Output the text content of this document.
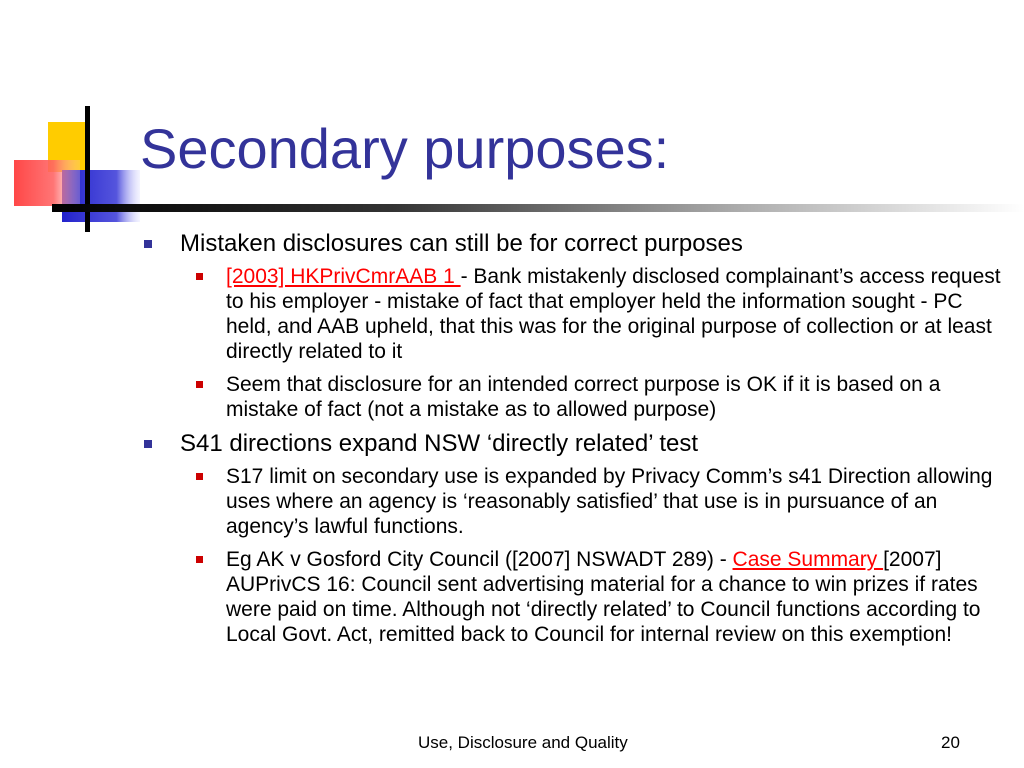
Secondary purposes:
Mistaken disclosures can still be for correct purposes
[2003] HKPrivCmrAAB 1 - Bank mistakenly disclosed complainant’s access request to his employer - mistake of fact that employer held the information sought - PC held, and AAB upheld, that this was for the original purpose of collection or at least directly related to it
Seem that disclosure for an intended correct purpose is OK if it is based on a mistake of fact (not a mistake as to allowed purpose)
S41 directions expand NSW ‘directly related’ test
S17 limit on secondary use is expanded by Privacy Comm’s s41 Direction allowing uses where an agency is ‘reasonably satisfied’ that use is in pursuance of an agency’s lawful functions.
Eg AK v Gosford City Council ([2007] NSWADT 289) - Case Summary [2007] AUPrivCS 16: Council sent advertising material for a chance to win prizes if rates were paid on time. Although not ‘directly related’ to Council functions according to Local Govt. Act, remitted back to Council for internal review on this exemption!
Use, Disclosure and Quality	20
